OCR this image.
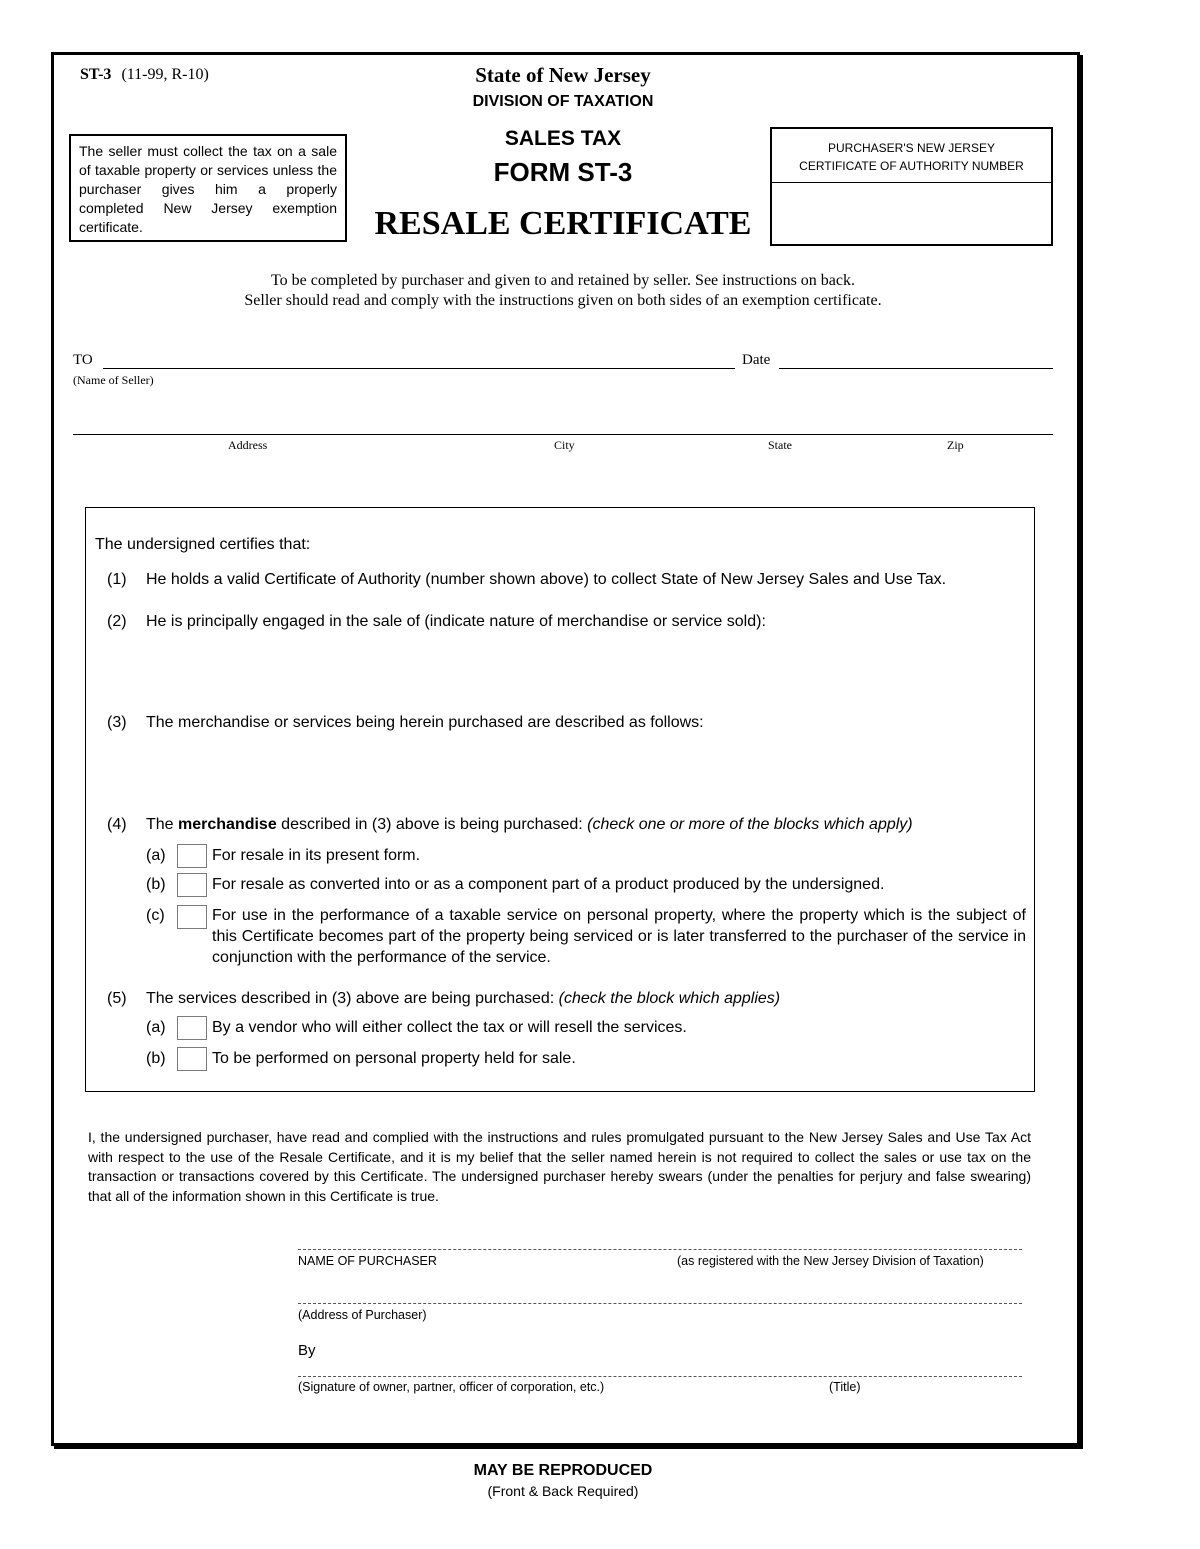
ST-3 (11-99, R-10)	State of New Jersey
DIVISION OF TAXATION
SALES TAX
FORM ST-3
RESALE CERTIFICATE
The seller must collect the tax on a sale of taxable property or services unless the purchaser gives him a properly completed New Jersey exemption certificate.
PURCHASER'S NEW JERSEY
CERTIFICATE OF AUTHORITY NUMBER
To be completed by purchaser and given to and retained by seller. See instructions on back.
Seller should read and comply with the instructions given on both sides of an exemption certificate.
TO	Date
(Name of Seller)
Address	City	State	Zip
The undersigned certifies that:
(1) He holds a valid Certificate of Authority (number shown above) to collect State of New Jersey Sales and Use Tax.
(2) He is principally engaged in the sale of (indicate nature of merchandise or service sold):
(3) The merchandise or services being herein purchased are described as follows:
(4) The merchandise described in (3) above is being purchased: (check one or more of the blocks which apply)
(a)	For resale in its present form.
(b)	For resale as converted into or as a component part of a product produced by the undersigned.
(c)	For use in the performance of a taxable service on personal property, where the property which is the subject of this Certificate becomes part of the property being serviced or is later transferred to the purchaser of the service in conjunction with the performance of the service.
(5) The services described in (3) above are being purchased: (check the block which applies)
(a)	By a vendor who will either collect the tax or will resell the services.
(b)	To be performed on personal property held for sale.
I, the undersigned purchaser, have read and complied with the instructions and rules promulgated pursuant to the New Jersey Sales and Use Tax Act with respect to the use of the Resale Certificate, and it is my belief that the seller named herein is not required to collect the sales or use tax on the transaction or transactions covered by this Certificate. The undersigned purchaser hereby swears (under the penalties for perjury and false swearing) that all of the information shown in this Certificate is true.
NAME OF PURCHASER	(as registered with the New Jersey Division of Taxation)
(Address of Purchaser)
By
(Signature of owner, partner, officer of corporation, etc.)	(Title)
MAY BE REPRODUCED
(Front & Back Required)
